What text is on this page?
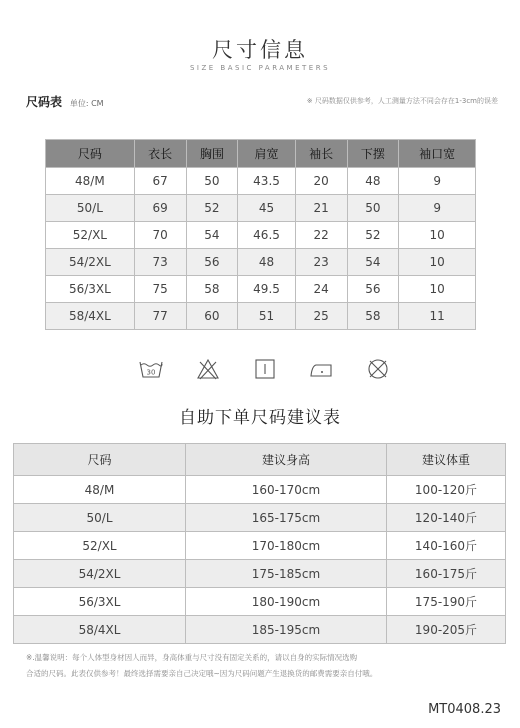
尺寸信息
SIZE BASIC PARAMETERS
尺码表 单位: CM	※ 尺码数据仅供参考，人工测量方法不同会存在1-3cm的误差
尺码	衣长	胸围	肩宽	袖长	下摆	袖口宽
48/M	67	50	43.5	20	48	9
50/L	69	52	45	21	50	9
52/XL	70	54	46.5	22	52	10
54/2XL	73	56	48	23	54	10
56/3XL	75	58	49.5	24	56	10
58/4XL	77	60	51	25	58	11
30
自助下单尺码建议表
尺码	建议身高	建议体重
48/M	160-170cm	100-120斤
50/L	165-175cm	120-140斤
52/XL	170-180cm	140-160斤
54/2XL	175-185cm	160-175斤
56/3XL	180-190cm	175-190斤
58/4XL	185-195cm	190-205斤
※.温馨说明：每个人体型身材因人而异，身高体重与尺寸没有固定关系的，请以自身的实际情况选购
合适的尺码。此表仅供参考！最终选择需要亲自己决定哦~因为尺码问题产生退换货的邮费需要亲自付哦。
MT0408.23
